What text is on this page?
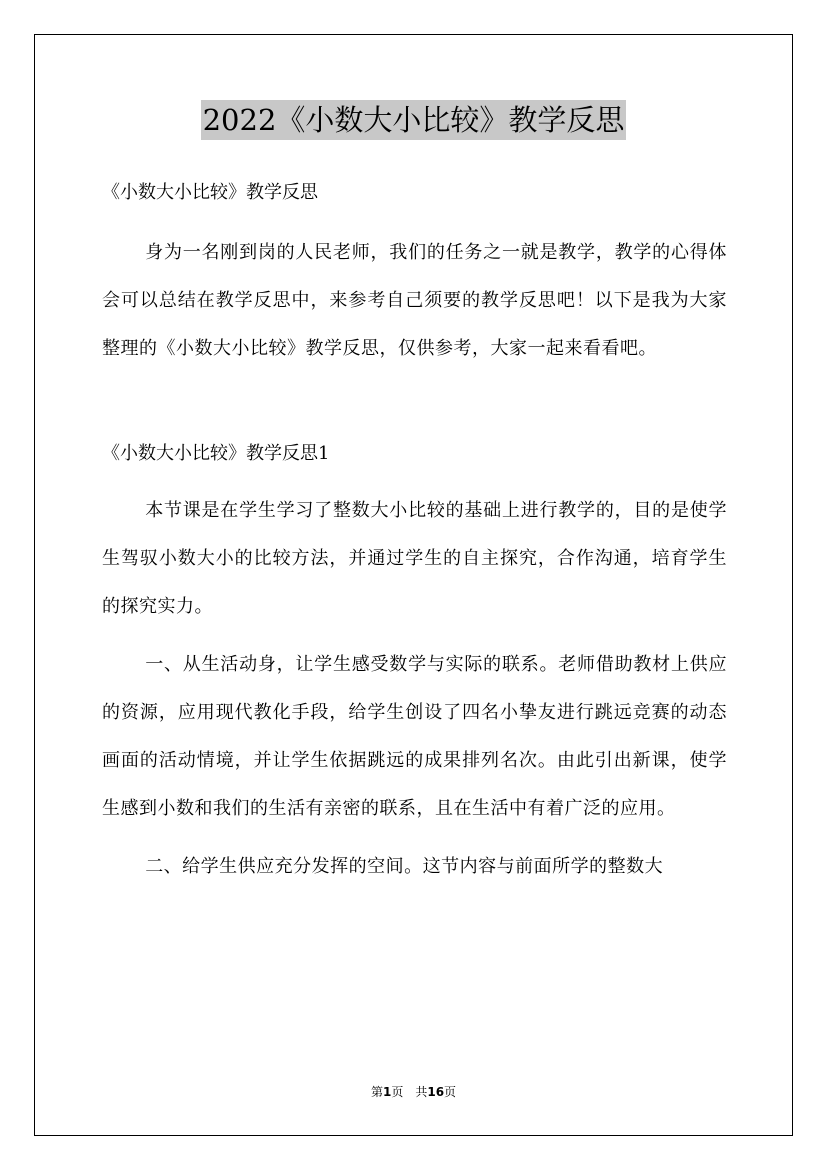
2022《小数大小比较》教学反思

《小数大小比较》教学反思

身为一名刚到岗的人民老师，我们的任务之一就是教学，教学的心得体会可以总结在教学反思中，来参考自己须要的教学反思吧！以下是我为大家整理的《小数大小比较》教学反思，仅供参考，大家一起来看看吧。

《小数大小比较》教学反思1

本节课是在学生学习了整数大小比较的基础上进行教学的，目的是使学生驾驭小数大小的比较方法，并通过学生的自主探究，合作沟通，培育学生的探究实力。

一、从生活动身，让学生感受数学与实际的联系。老师借助教材上供应的资源，应用现代教化手段，给学生创设了四名小挚友进行跳远竞赛的动态画面的活动情境，并让学生依据跳远的成果排列名次。由此引出新课，使学生感到小数和我们的生活有亲密的联系，且在生活中有着广泛的应用。

二、给学生供应充分发挥的空间。这节内容与前面所学的整数大

第1页 共16页
